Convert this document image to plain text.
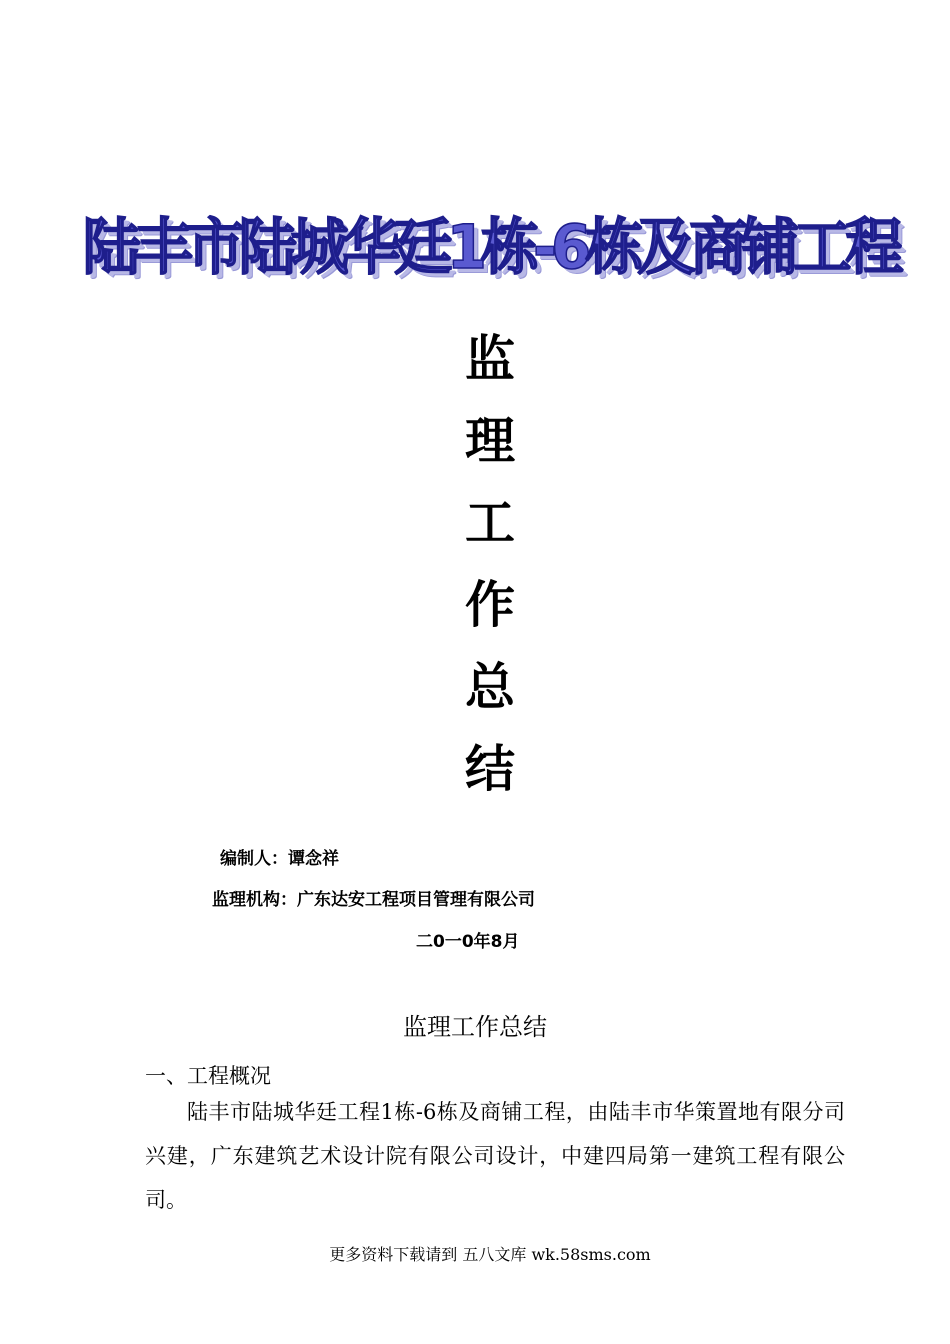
陆丰市陆城华廷1栋-6栋及商铺工程
监
理
工
作
总
结
编制人：谭念祥
监理机构：广东达安工程项目管理有限公司
二0一0年8月
监理工作总结
一、工程概况
陆丰市陆城华廷工程1栋-6栋及商铺工程，由陆丰市华策置地有限分司兴建，广东建筑艺术设计院有限公司设计，中建四局第一建筑工程有限公司。
更多资料下载请到 五八文库 wk.58sms.com
